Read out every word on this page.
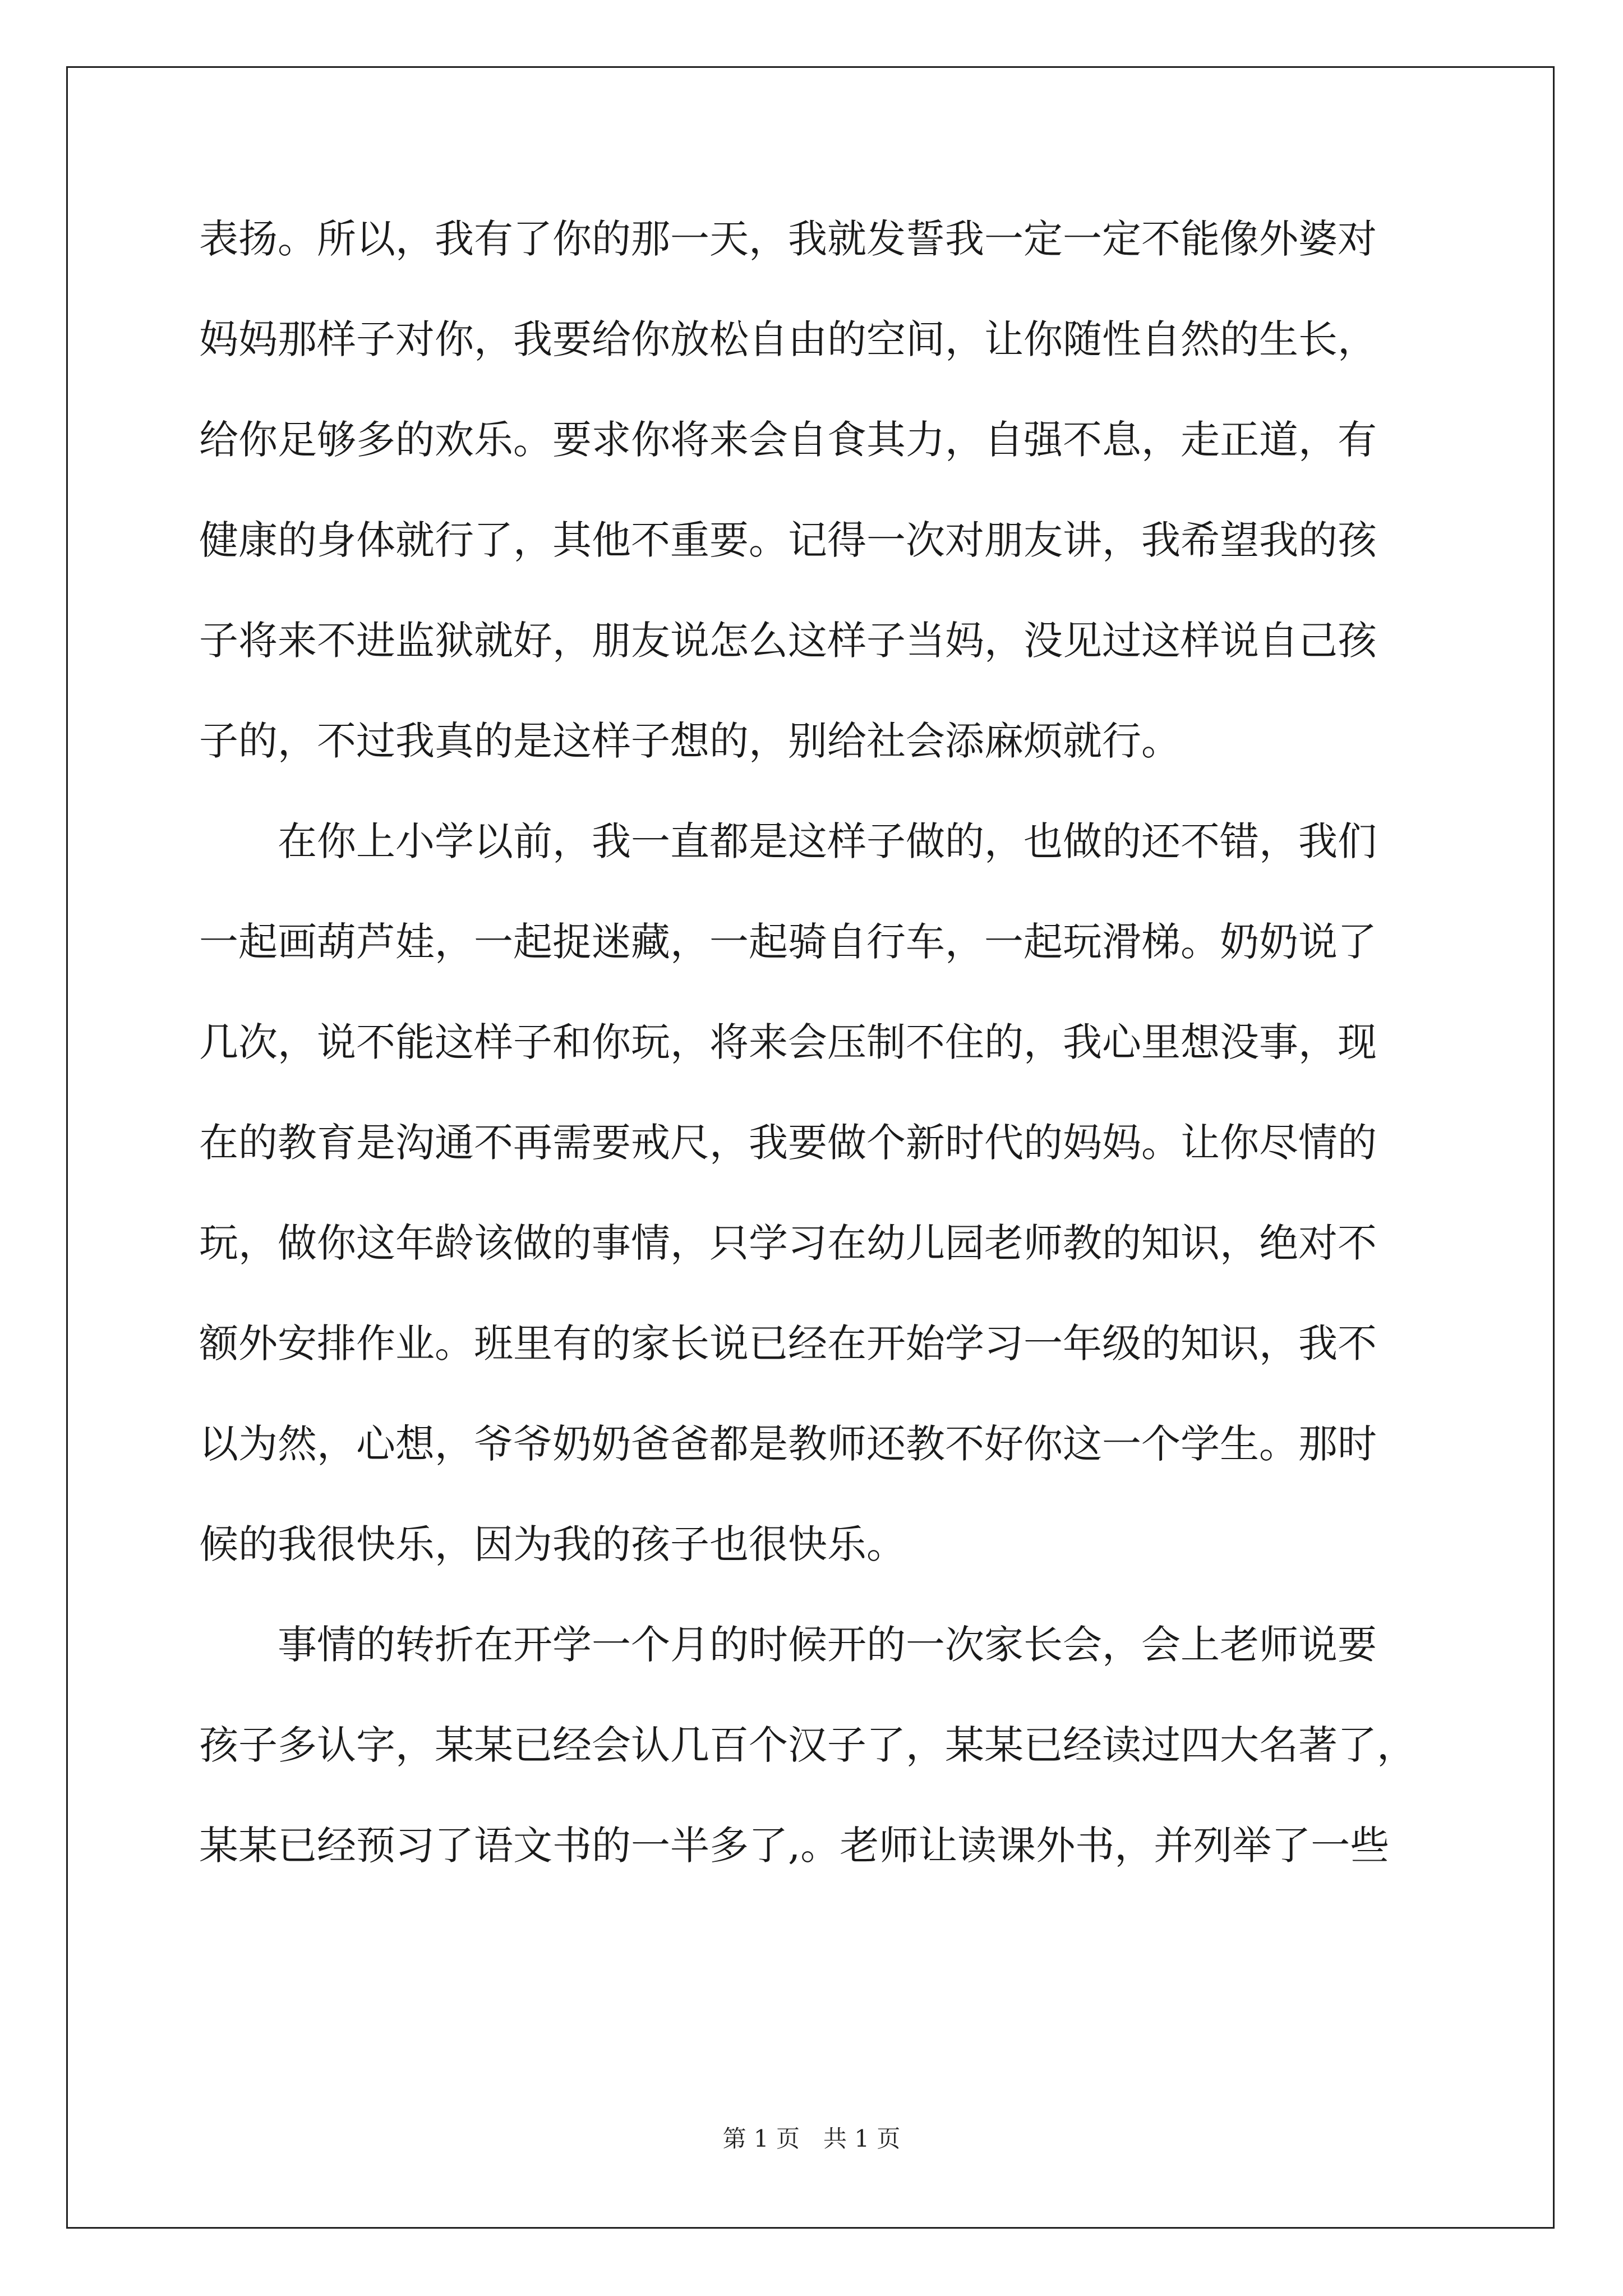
表扬。所以，我有了你的那一天，我就发誓我一定一定不能像外婆对
妈妈那样子对你，我要给你放松自由的空间，让你随性自然的生长，
给你足够多的欢乐。要求你将来会自食其力，自强不息，走正道，有
健康的身体就行了，其他不重要。记得一次对朋友讲，我希望我的孩
子将来不进监狱就好，朋友说怎么这样子当妈，没见过这样说自己孩
子的，不过我真的是这样子想的，别给社会添麻烦就行。
在你上小学以前，我一直都是这样子做的，也做的还不错，我们
一起画葫芦娃，一起捉迷藏，一起骑自行车，一起玩滑梯。奶奶说了
几次，说不能这样子和你玩，将来会压制不住的，我心里想没事，现
在的教育是沟通不再需要戒尺，我要做个新时代的妈妈。让你尽情的
玩，做你这年龄该做的事情，只学习在幼儿园老师教的知识，绝对不
额外安排作业。班里有的家长说已经在开始学习一年级的知识，我不
以为然，心想，爷爷奶奶爸爸都是教师还教不好你这一个学生。那时
候的我很快乐，因为我的孩子也很快乐。
事情的转折在开学一个月的时候开的一次家长会，会上老师说要
孩子多认字，某某已经会认几百个汉子了，某某已经读过四大名著了，
某某已经预习了语文书的一半多了,。老师让读课外书，并列举了一些
第 1 页 共 1 页
